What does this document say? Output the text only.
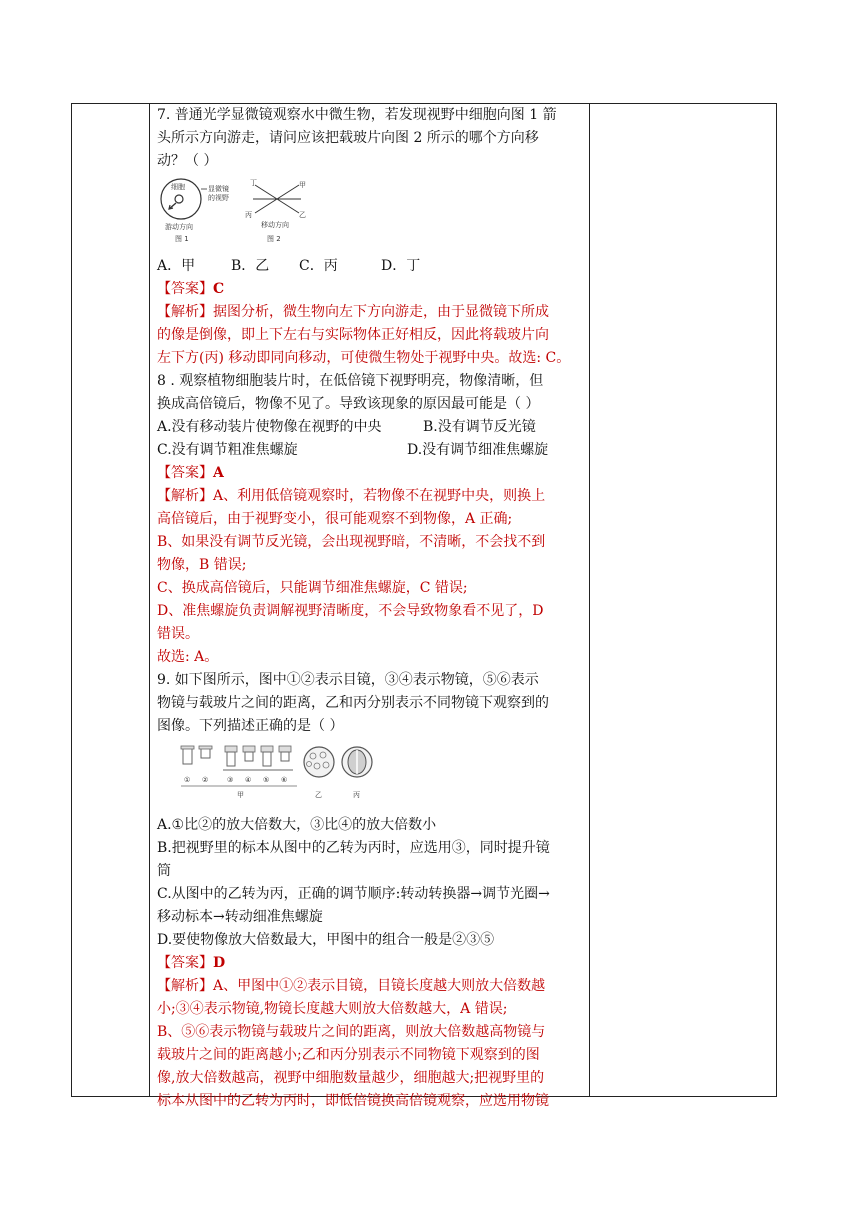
7. 普通光学显微镜观察水中微生物，若发现视野中细胞向图 1 箭
头所示方向游走，请问应该把载玻片向图 2 所示的哪个方向移
动？（ ）
细胞	显微镜
的视野
游动方向
图 1
丁	甲
丙	乙
移动方向
图 2
A．甲	B．乙 C．丙	D．丁
【答案】C
【解析】据图分析，微生物向左下方向游走，由于显微镜下所成
的像是倒像，即上下左右与实际物体正好相反，因此将载玻片向
左下方(丙) 移动即同向移动，可使微生物处于视野中央。故选: C。
8 . 观察植物细胞装片时，在低倍镜下视野明亮，物像清晰，但
换成高倍镜后，物像不见了。导致该现象的原因最可能是（ ）
A.没有移动装片使物像在视野的中央	B.没有调节反光镜
C.没有调节粗准焦螺旋	D.没有调节细准焦螺旋
【答案】A
【解析】A、利用低倍镜观察时，若物像不在视野中央，则换上
高倍镜后，由于视野变小，很可能观察不到物像，A 正确;
B、如果没有调节反光镜，会出现视野暗，不清晰，不会找不到
物像，B 错误;
C、换成高倍镜后，只能调节细准焦螺旋，C 错误;
D、准焦螺旋负责调解视野清晰度，不会导致物象看不见了，D
错误。
故选: A。
9. 如下图所示，图中①②表示目镜，③④表示物镜，⑤⑥表示
物镜与载玻片之间的距离，乙和丙分别表示不同物镜下观察到的
图像。下列描述正确的是（ ）
① ②	③ ④ ⑤ ⑥
甲	乙	丙
A.①比②的放大倍数大，③比④的放大倍数小
B.把视野里的标本从图中的乙转为丙时，应选用③，同时提升镜
筒
C.从图中的乙转为丙，正确的调节顺序:转动转换器→调节光圈→
移动标本→转动细准焦螺旋
D.要使物像放大倍数最大，甲图中的组合一般是②③⑤
【答案】D
【解析】A、甲图中①②表示目镜，目镜长度越大则放大倍数越
小;③④表示物镜,物镜长度越大则放大倍数越大，A 错误;
B、⑤⑥表示物镜与载玻片之间的距离，则放大倍数越高物镜与
载玻片之间的距离越小;乙和丙分别表示不同物镜下观察到的图
像,放大倍数越高，视野中细胞数量越少，细胞越大;把视野里的
标本从图中的乙转为丙时，即低倍镜换高倍镜观察，应选用物镜
